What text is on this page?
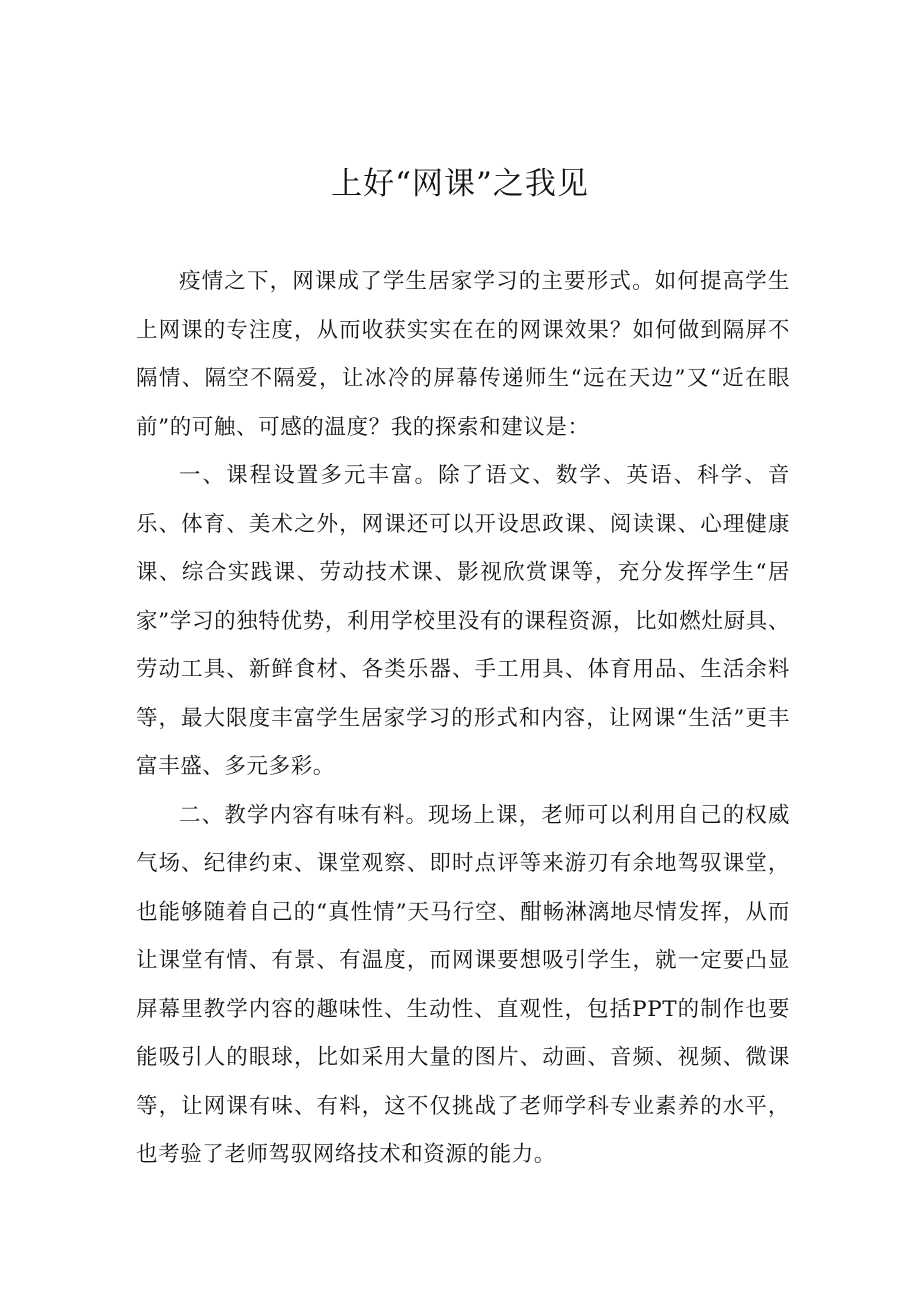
上好“网课”之我见

疫情之下，网课成了学生居家学习的主要形式。如何提高学生上网课的专注度，从而收获实实在在的网课效果？如何做到隔屏不隔情、隔空不隔爱，让冰冷的屏幕传递师生“远在天边”又“近在眼前”的可触、可感的温度？我的探索和建议是：

一、课程设置多元丰富。除了语文、数学、英语、科学、音乐、体育、美术之外，网课还可以开设思政课、阅读课、心理健康课、综合实践课、劳动技术课、影视欣赏课等，充分发挥学生“居家”学习的独特优势，利用学校里没有的课程资源，比如燃灶厨具、劳动工具、新鲜食材、各类乐器、手工用具、体育用品、生活余料等，最大限度丰富学生居家学习的形式和内容，让网课“生活”更丰富丰盛、多元多彩。

二、教学内容有味有料。现场上课，老师可以利用自己的权威气场、纪律约束、课堂观察、即时点评等来游刃有余地驾驭课堂，也能够随着自己的“真性情”天马行空、酣畅淋漓地尽情发挥，从而让课堂有情、有景、有温度，而网课要想吸引学生，就一定要凸显屏幕里教学内容的趣味性、生动性、直观性，包括PPT的制作也要能吸引人的眼球，比如采用大量的图片、动画、音频、视频、微课等，让网课有味、有料，这不仅挑战了老师学科专业素养的水平，也考验了老师驾驭网络技术和资源的能力。
